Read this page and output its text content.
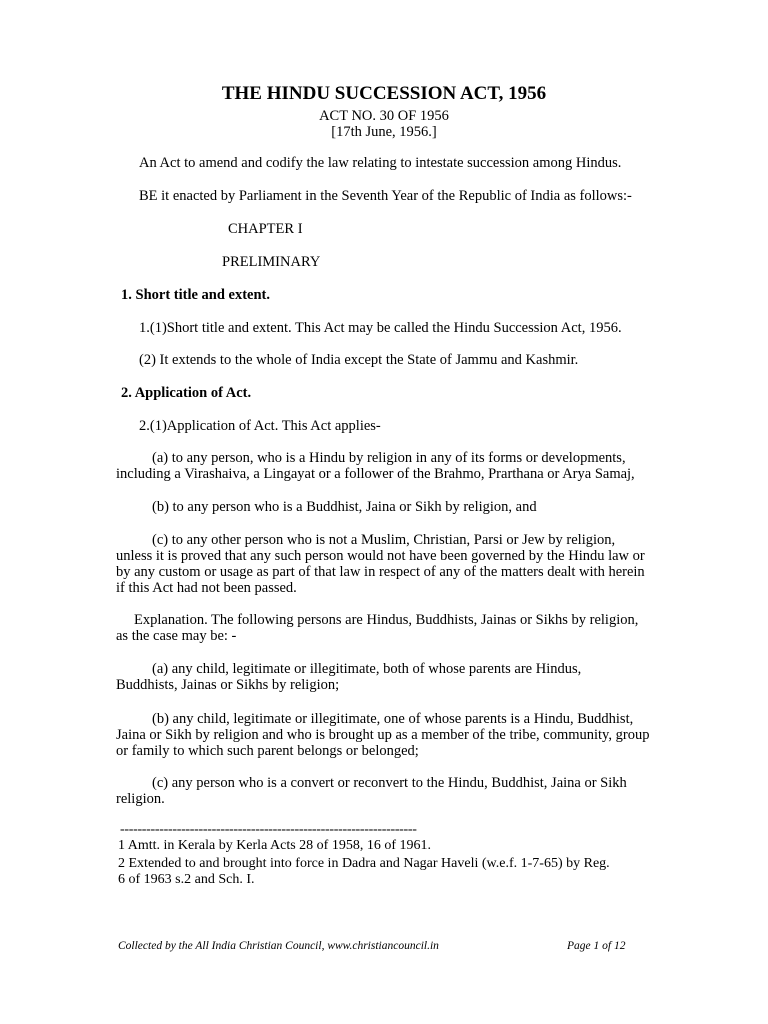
THE HINDU SUCCESSION ACT, 1956
ACT NO. 30 OF 1956
[17th June, 1956.]
An Act to amend and codify the law relating to intestate succession among Hindus.
BE it enacted by Parliament in the Seventh Year of the Republic of India as follows:-
CHAPTER I
PRELIMINARY
1. Short title and extent.
1.(1)Short title and extent. This Act may be called the Hindu Succession Act, 1956.
(2) It extends to the whole of India except the State of Jammu and Kashmir.
2. Application of Act.
2.(1)Application of Act. This Act applies-
(a) to any person, who is a Hindu by religion in any of its forms or developments,
including a Virashaiva, a Lingayat or a follower of the Brahmo, Prarthana or Arya Samaj,
(b) to any person who is a Buddhist, Jaina or Sikh by religion, and
(c) to any other person who is not a Muslim, Christian, Parsi or Jew by religion,
unless it is proved that any such person would not have been governed by the Hindu law or
by any custom or usage as part of that law in respect of any of the matters dealt with herein
if this Act had not been passed.
Explanation. The following persons are Hindus, Buddhists, Jainas or Sikhs by religion,
as the case may be: -
(a) any child, legitimate or illegitimate, both of whose parents are Hindus,
Buddhists, Jainas or Sikhs by religion;
(b) any child, legitimate or illegitimate, one of whose parents is a Hindu, Buddhist,
Jaina or Sikh by religion and who is brought up as a member of the tribe, community, group
or family to which such parent belongs or belonged;
(c) any person who is a convert or reconvert to the Hindu, Buddhist, Jaina or Sikh
religion.
--------------------------------------------------------------------
1 Amtt. in Kerala by Kerla Acts 28 of 1958, 16 of 1961.
2 Extended to and brought into force in Dadra and Nagar Haveli (w.e.f. 1-7-65) by Reg.
6 of 1963 s.2 and Sch. I.
Collected by the All India Christian Council, www.christiancouncil.in	Page 1 of 12
